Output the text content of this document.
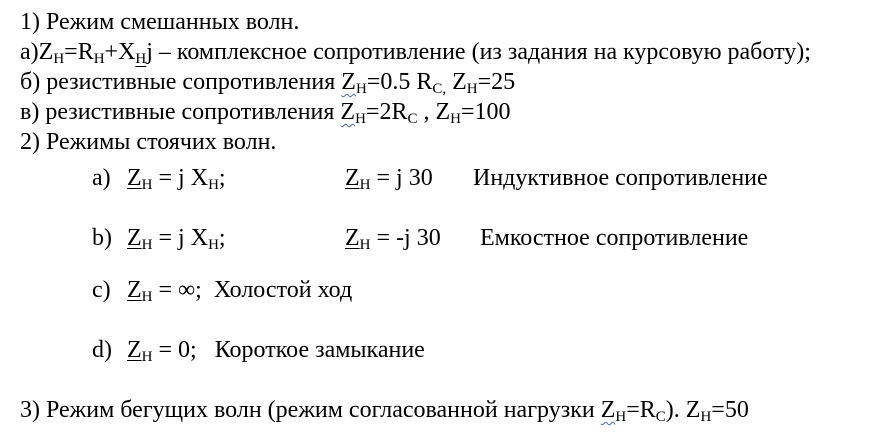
1) Режим смешанных волн.
$а)Z_Н=R_Н+X_Нj$ – комплексное сопротивление (из задания на курсовую работу);
б) резистивные сопротивления $Z_Н=0.5$ $R_{C,}$ $Z_Н=25$
в) резистивные сопротивления $Z_Н=2R_C$ , $Z_Н=100$
2) Режимы стоячих волн.
a) $Z_Н = j$ $X_Н$;	$Z_Н = j$ 30 Индуктивное сопротивление
b) $Z_Н = j$ $X_Н$;	$Z_Н = -j$ 30 Емкостное сопротивление
c) $Z_Н$ = ∞;  Холостой ход
d) $Z_Н = 0$;   Короткое замыкание
3) Режим бегущих волн (режим согласованной нагрузки $Z_Н=R_C$). $Z_Н=50$
